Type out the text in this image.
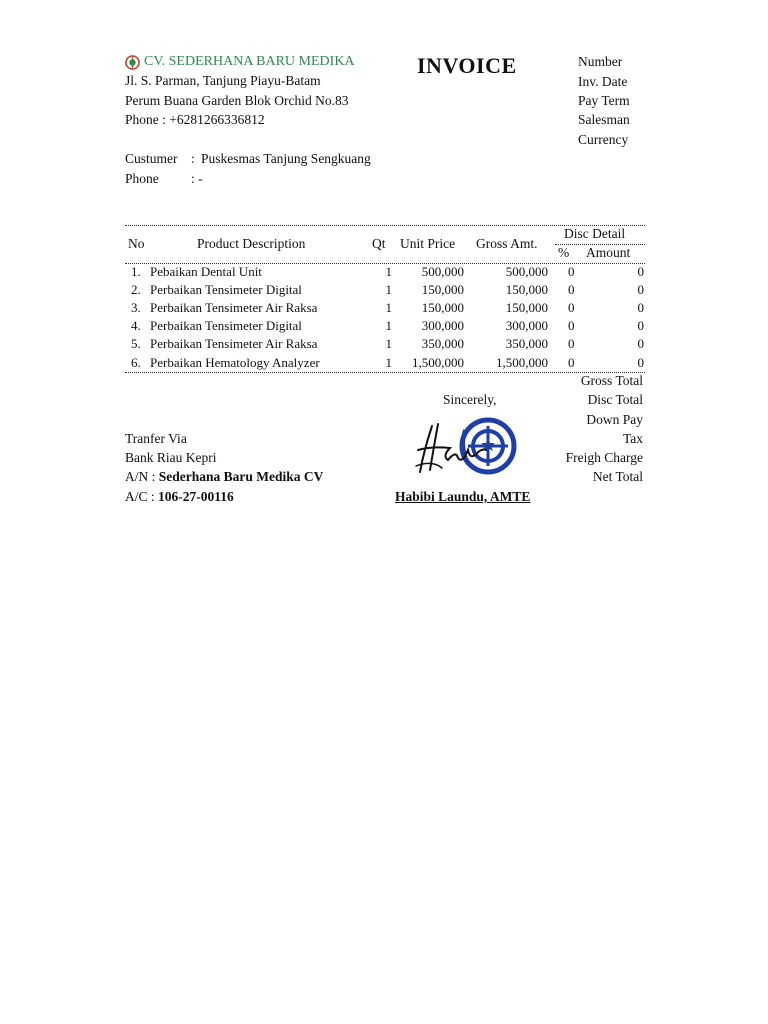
CV. SEDERHANA BARU MEDIKA
Jl. S. Parman, Tanjung Piayu-Batam
Perum Buana Garden Blok Orchid No.83
Phone : +6281266336812
INVOICE	Number
Inv. Date
Pay Term
Salesman
Currency
Custumer : Puskesmas Tanjung Sengkuang
Phone : -
No	Product Description	Qt Unit Price Gross Amt.
Disc Detail
% Amount
1. Pebaikan Dental Unit	1 500,000	500,000 0	0
2. Perbaikan Tensimeter Digital	1 150,000	150,000 0	0
3. Perbaikan Tensimeter Air Raksa	1 150,000	150,000 0	0
4. Perbaikan Tensimeter Digital	1 300,000	300,000 0	0
5. Perbaikan Tensimeter Air Raksa	1 350,000	350,000 0	0
6. Perbaikan Hematology Analyzer	1 1,500,000 1,500,000 0	0
Gross Total
Disc Total
Down Pay
Tax
Freigh Charge
Net Total
Tranfer Via
Bank Riau Kepri
A/N : Sederhana Baru Medika CV
A/C : 106-27-00116
Sincerely,
Habibi Laundu, AMTE
